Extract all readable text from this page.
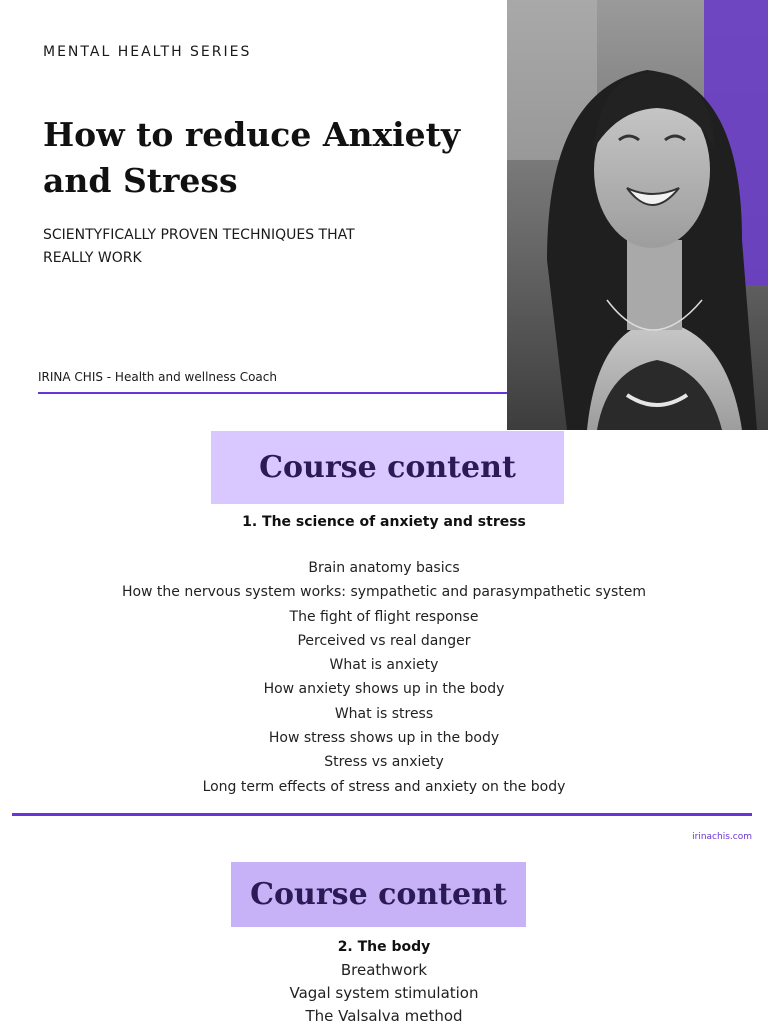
MENTAL HEALTH SERIES
How to reduce Anxiety
and Stress

SCIENTYFICALLY PROVEN TECHNIQUES THAT
REALLY WORK

IRINA CHIS - Health and wellness Coach
Course content

1. The science of anxiety and stress

Brain anatomy basics
How the nervous system works: sympathetic and parasympathetic system
The fight of flight response
Perceived vs real danger
What is anxiety
How anxiety shows up in the body
What is stress
How stress shows up in the body
Stress vs anxiety
Long term effects of stress and anxiety on the body
irinachis.com
Course content

2. The body

Breathwork
Vagal system stimulation
The Valsalva method
